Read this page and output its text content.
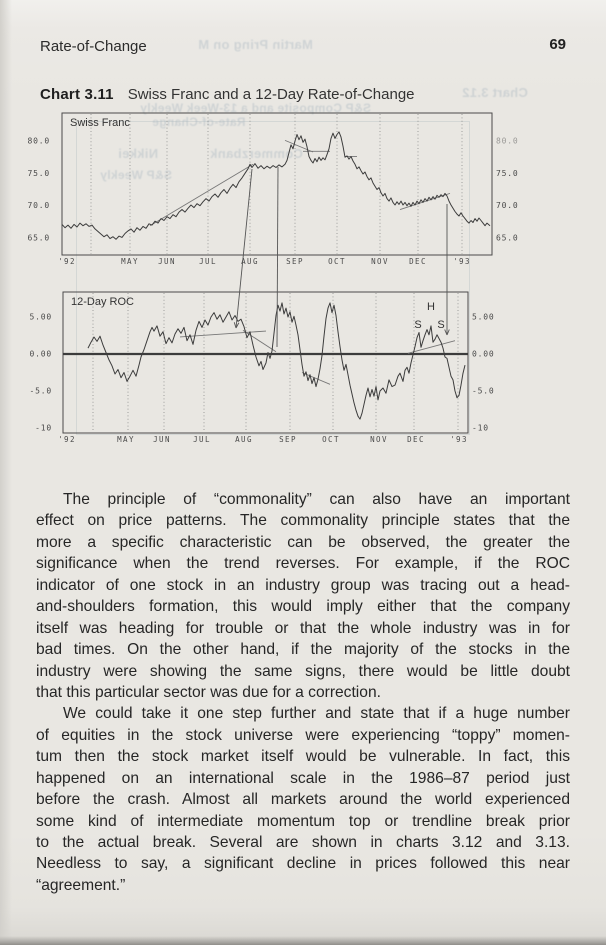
Martin Pring on M
Chart 3.12
S&P Composite and a 13-Week Weekly
Rate-of-Change
Nikkei	Commerzbank
S&P Weekly
Rate-of-Change	69
Chart 3.11 Swiss Franc and a 12-Day Rate-of-Change
80.0	80.0
75.0	75.0
70.0	70.0
65.0	65.0
'92	MAY	JUN	JUL	AUG	SEP	OCT	NOV	DEC	'93
Swiss Franc
5.00	5.00
0.00	0.00
-5.0	-5.0
-10	-10
'92	MAY JUN	JUL	AUG	SEP	OCT	NOV	DEC	'93
H
S S
12-Day ROC
The principle of “commonality” can also have an important
effect on price patterns. The commonality principle states that the
more a specific characteristic can be observed, the greater the
significance when the trend reverses. For example, if the ROC
indicator of one stock in an industry group was tracing out a head-
and-shoulders formation, this would imply either that the company
itself was heading for trouble or that the whole industry was in for
bad times. On the other hand, if the majority of the stocks in the
industry were showing the same signs, there would be little doubt
that this particular sector was due for a correction.
We could take it one step further and state that if a huge number
of equities in the stock universe were experiencing “toppy” momen-
tum then the stock market itself would be vulnerable. In fact, this
happened on an international scale in the 1986–87 period just
before the crash. Almost all markets around the world experienced
some kind of intermediate momentum top or trendline break prior
to the actual break. Several are shown in charts 3.12 and 3.13.
Needless to say, a significant decline in prices followed this near
“agreement.”
